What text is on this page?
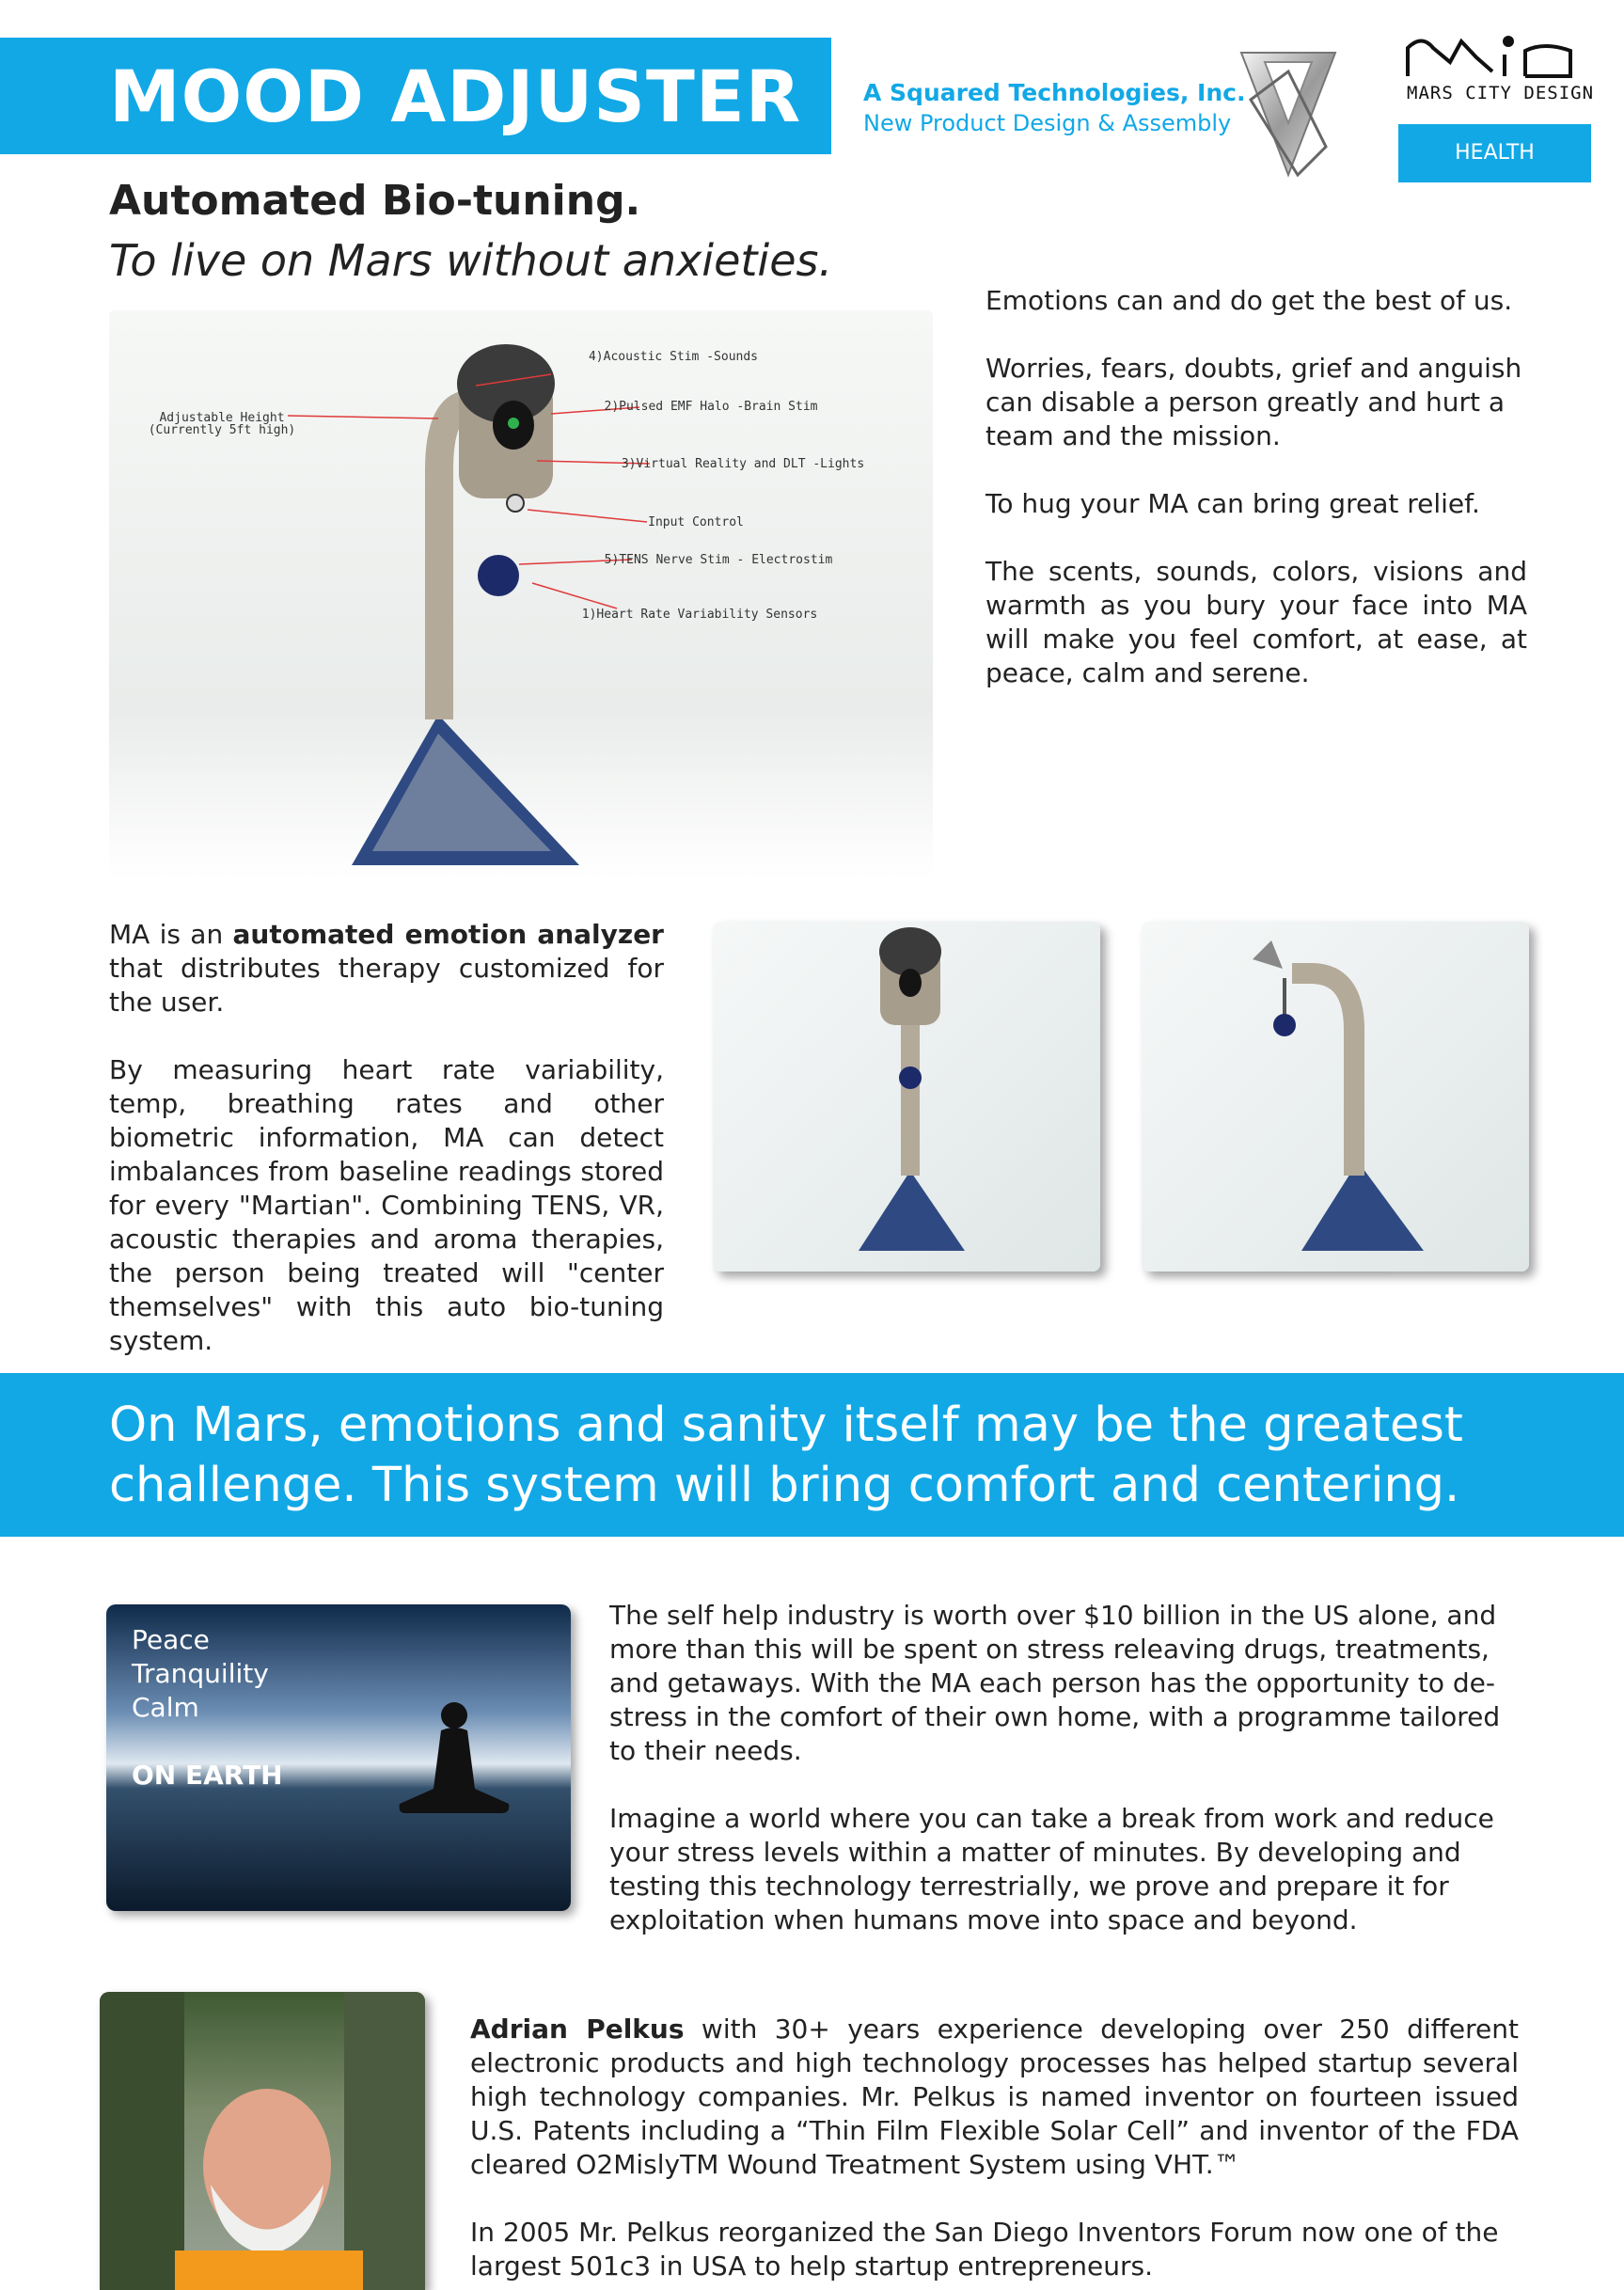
MOOD ADJUSTER	A Squared Technologies, Inc.
New Product Design & Assembly
MARS CITY DESIGN
HEALTH
Automated Bio-tuning.
To live on Mars without anxieties.
Adjustable Height
(Currently 5ft high)
4)Acoustic Stim -Sounds
2)Pulsed EMF Halo -Brain Stim
3)Virtual Reality and DLT -Lights
Input Control
5)TENS Nerve Stim - Electrostim
1)Heart Rate Variability Sensors

Emotions can and do get the best of us.

Worries, fears, doubts, grief and anguish can disable a person greatly and hurt a team and the mission.

To hug your MA can bring great relief.

The scents, sounds, colors, visions and warmth as you bury your face into MA will make you feel comfort, at ease, at peace, calm and serene.

MA is an automated emotion analyzer that distributes therapy customized for the user.

By measuring heart rate variability, temp, breathing rates and other biometric information, MA can detect imbalances from baseline readings stored for every "Martian". Combining TENS, VR, acoustic therapies and aroma therapies, the person being treated will "center themselves" with this auto bio-tuning system.

On Mars, emotions and sanity itself may be the greatest challenge. This system will bring comfort and centering.
Peace
Tranquility
Calm
ON EARTH

The self help industry is worth over $10 billion in the US alone, and more than this will be spent on stress releaving drugs, treatments, and getaways. With the MA each person has the opportunity to de-stress in the comfort of their own home, with a programme tailored to their needs.

Imagine a world where you can take a break from work and reduce your stress levels within a matter of minutes. By developing and testing this technology terrestrially, we prove and prepare it for exploitation when humans move into space and beyond.

Adrian Pelkus with 30+ years experience developing over 250 different electronic products and high technology processes has helped startup several high technology companies. Mr. Pelkus is named inventor on fourteen issued U.S. Patents including a “Thin Film Flexible Solar Cell” and inventor of the FDA cleared O2MislyTM Wound Treatment System using VHT.™

In 2005 Mr. Pelkus reorganized the San Diego Inventors Forum now one of the largest 501c3 in USA to help startup entrepreneurs.
